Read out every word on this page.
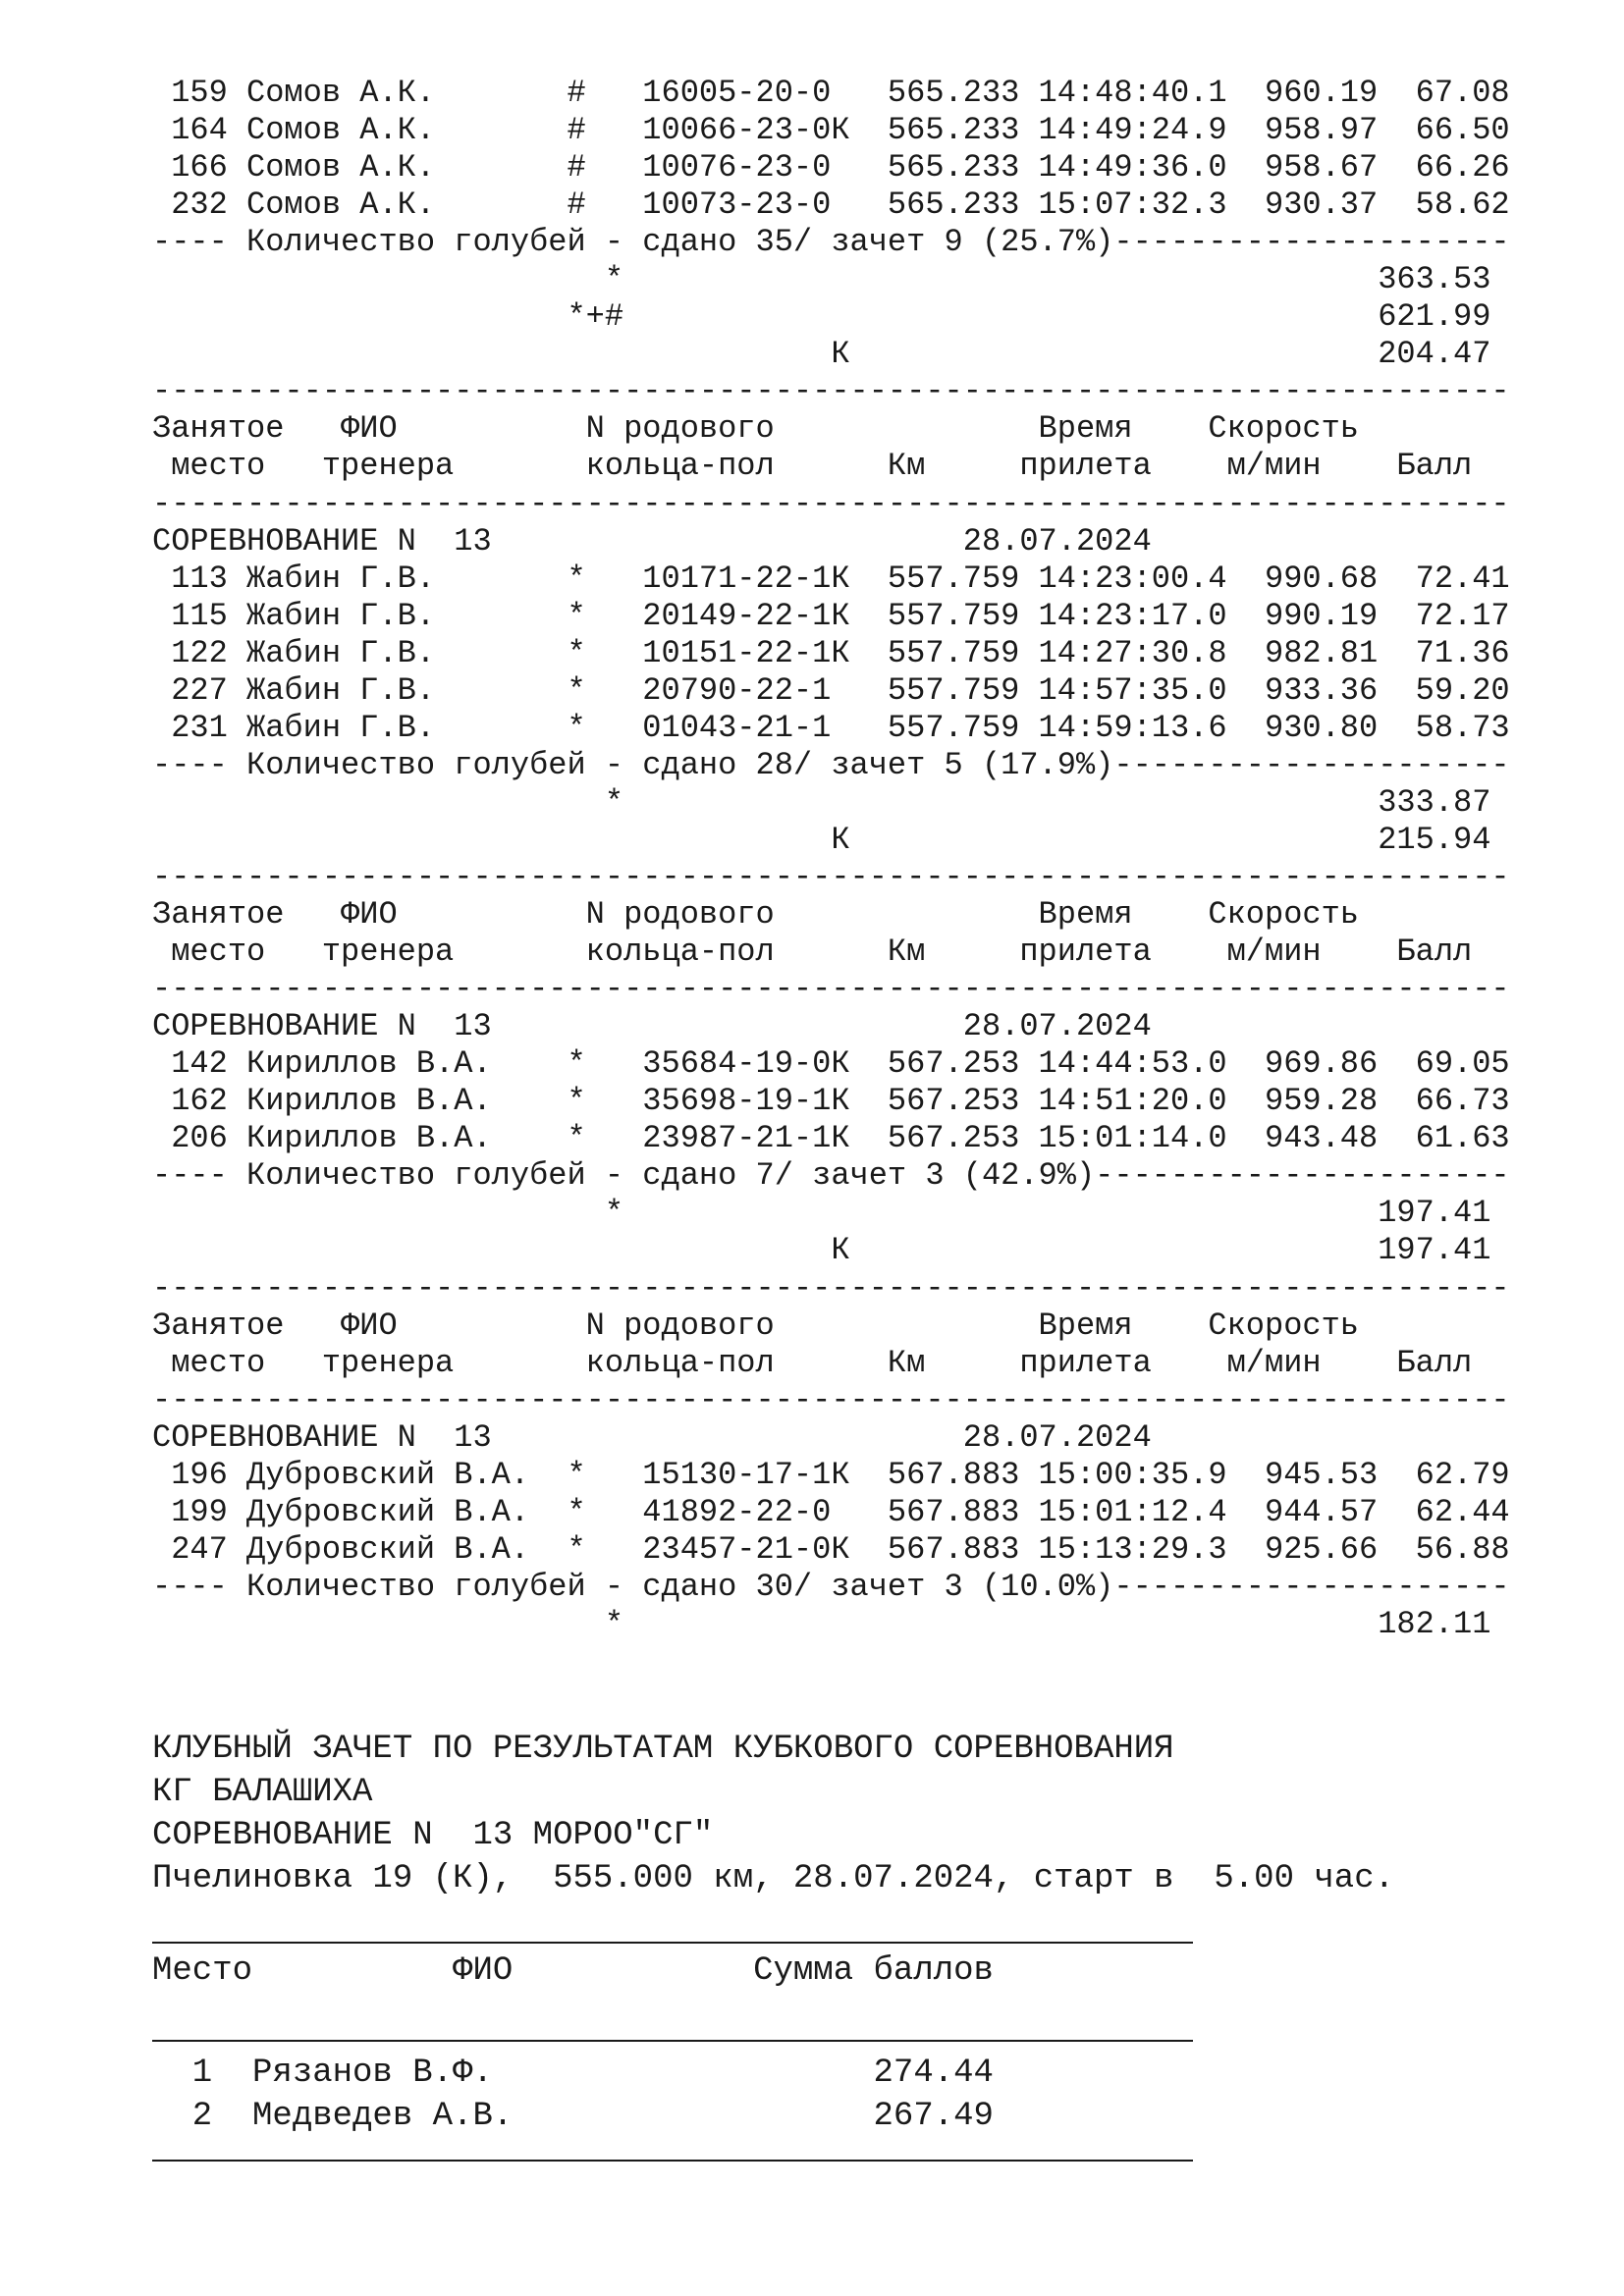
159 Сомов А.К.       #   16005-20-0   565.233 14:48:40.1  960.19  67.08
164 Сомов А.К.       #   10066-23-0К  565.233 14:49:24.9  958.97  66.50
166 Сомов А.К.       #   10076-23-0   565.233 14:49:36.0  958.67  66.26
232 Сомов А.К.       #   10073-23-0   565.233 15:07:32.3  930.37  58.62
---- Количество голубей - сдано 35/ зачет 9 (25.7%)---------------------
*                                        363.53
*+#                                        621.99
К                            204.47
------------------------------------------------------------------------
Занятое   ФИО          N родового              Время    Скорость
место   тренера       кольца-пол      Км     прилета    м/мин    Балл
------------------------------------------------------------------------
СОРЕВНОВАНИЕ N  13                         28.07.2024
113 Жабин Г.В.       *   10171-22-1К  557.759 14:23:00.4  990.68  72.41
115 Жабин Г.В.       *   20149-22-1К  557.759 14:23:17.0  990.19  72.17
122 Жабин Г.В.       *   10151-22-1К  557.759 14:27:30.8  982.81  71.36
227 Жабин Г.В.       *   20790-22-1   557.759 14:57:35.0  933.36  59.20
231 Жабин Г.В.       *   01043-21-1   557.759 14:59:13.6  930.80  58.73
---- Количество голубей - сдано 28/ зачет 5 (17.9%)---------------------
*                                        333.87
К                            215.94
------------------------------------------------------------------------
Занятое   ФИО          N родового              Время    Скорость
место   тренера       кольца-пол      Км     прилета    м/мин    Балл
------------------------------------------------------------------------
СОРЕВНОВАНИЕ N  13                         28.07.2024
142 Кириллов В.А.    *   35684-19-0К  567.253 14:44:53.0  969.86  69.05
162 Кириллов В.А.    *   35698-19-1К  567.253 14:51:20.0  959.28  66.73
206 Кириллов В.А.    *   23987-21-1К  567.253 15:01:14.0  943.48  61.63
---- Количество голубей - сдано 7/ зачет 3 (42.9%)----------------------
*                                        197.41
К                            197.41
------------------------------------------------------------------------
Занятое   ФИО          N родового              Время    Скорость
место   тренера       кольца-пол      Км     прилета    м/мин    Балл
------------------------------------------------------------------------
СОРЕВНОВАНИЕ N  13                         28.07.2024
196 Дубровский В.А.  *   15130-17-1К  567.883 15:00:35.9  945.53  62.79
199 Дубровский В.А.  *   41892-22-0   567.883 15:01:12.4  944.57  62.44
247 Дубровский В.А.  *   23457-21-0К  567.883 15:13:29.3  925.66  56.88
---- Количество голубей - сдано 30/ зачет 3 (10.0%)---------------------
*                                        182.11
КЛУБНЫЙ ЗАЧЕТ ПО РЕЗУЛЬТАТАМ КУБКОВОГО СОРЕВНОВАНИЯ
КГ БАЛАШИХА
СОРЕВНОВАНИЕ N  13 МОРОО"СГ"
Пчелиновка 19 (К),  555.000 км, 28.07.2024, старт в  5.00 час.
Место          ФИО            Сумма баллов
1  Рязанов В.Ф.                   274.44
2  Медведев А.В.                  267.49
